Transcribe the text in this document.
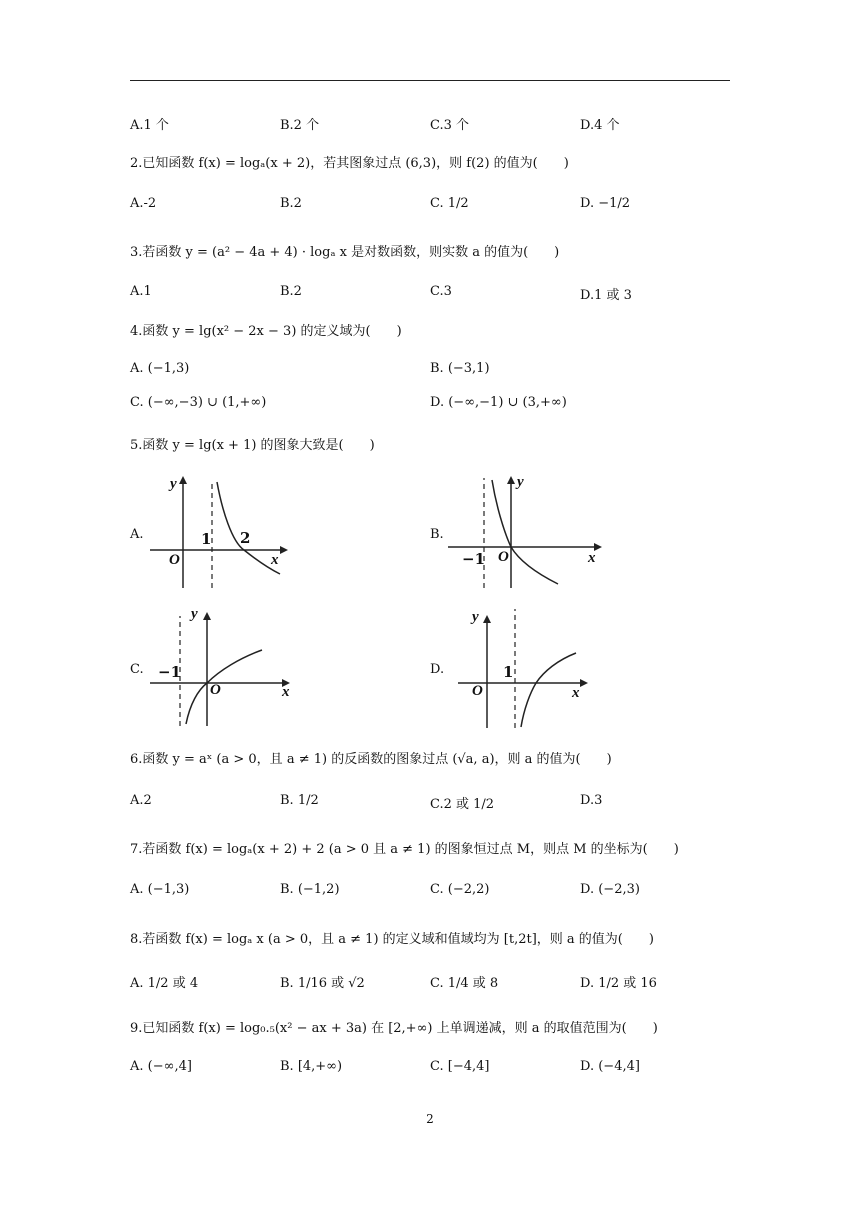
A.1 个	B.2 个	C.3 个	D.4 个
2.已知函数 f(x) = logₐ(x + 2)，若其图象过点 (6,3)，则 f(2) 的值为(　　)
A.-2	B.2	C. 1/2	D. −1/2
3.若函数 y = (a² − 4a + 4) · logₐ x 是对数函数，则实数 a 的值为(　　)
A.1	B.2	C.3	D.1 或 3
4.函数 y = lg(x² − 2x − 3) 的定义域为(　　)
A. (−1,3)	B. (−3,1)
C. (−∞,−3) ∪ (1,+∞)	D. (−∞,−1) ∪ (3,+∞)
5.函数 y = lg(x + 1) 的图象大致是(　　)
A.	B.
C.	D.
y
x
O
1 2
y
x
O
−1
y
x
O
−1
y
x
O
1
6.函数 y = aˣ (a > 0，且 a ≠ 1) 的反函数的图象过点 (√a, a)，则 a 的值为(　　)
A.2	B. 1/2	C.2 或 1/2	D.3
7.若函数 f(x) = logₐ(x + 2) + 2 (a > 0 且 a ≠ 1) 的图象恒过点 M，则点 M 的坐标为(　　)
A. (−1,3)	B. (−1,2)	C. (−2,2)	D. (−2,3)
8.若函数 f(x) = logₐ x (a > 0，且 a ≠ 1) 的定义域和值域均为 [t,2t]，则 a 的值为(　　)
A. 1/2 或 4	B. 1/16 或 √2	C. 1/4 或 8	D. 1/2 或 16
9.已知函数 f(x) = log₀.₅(x² − ax + 3a) 在 [2,+∞) 上单调递减，则 a 的取值范围为(　　)
A. (−∞,4]	B. [4,+∞)	C. [−4,4]	D. (−4,4]
2
